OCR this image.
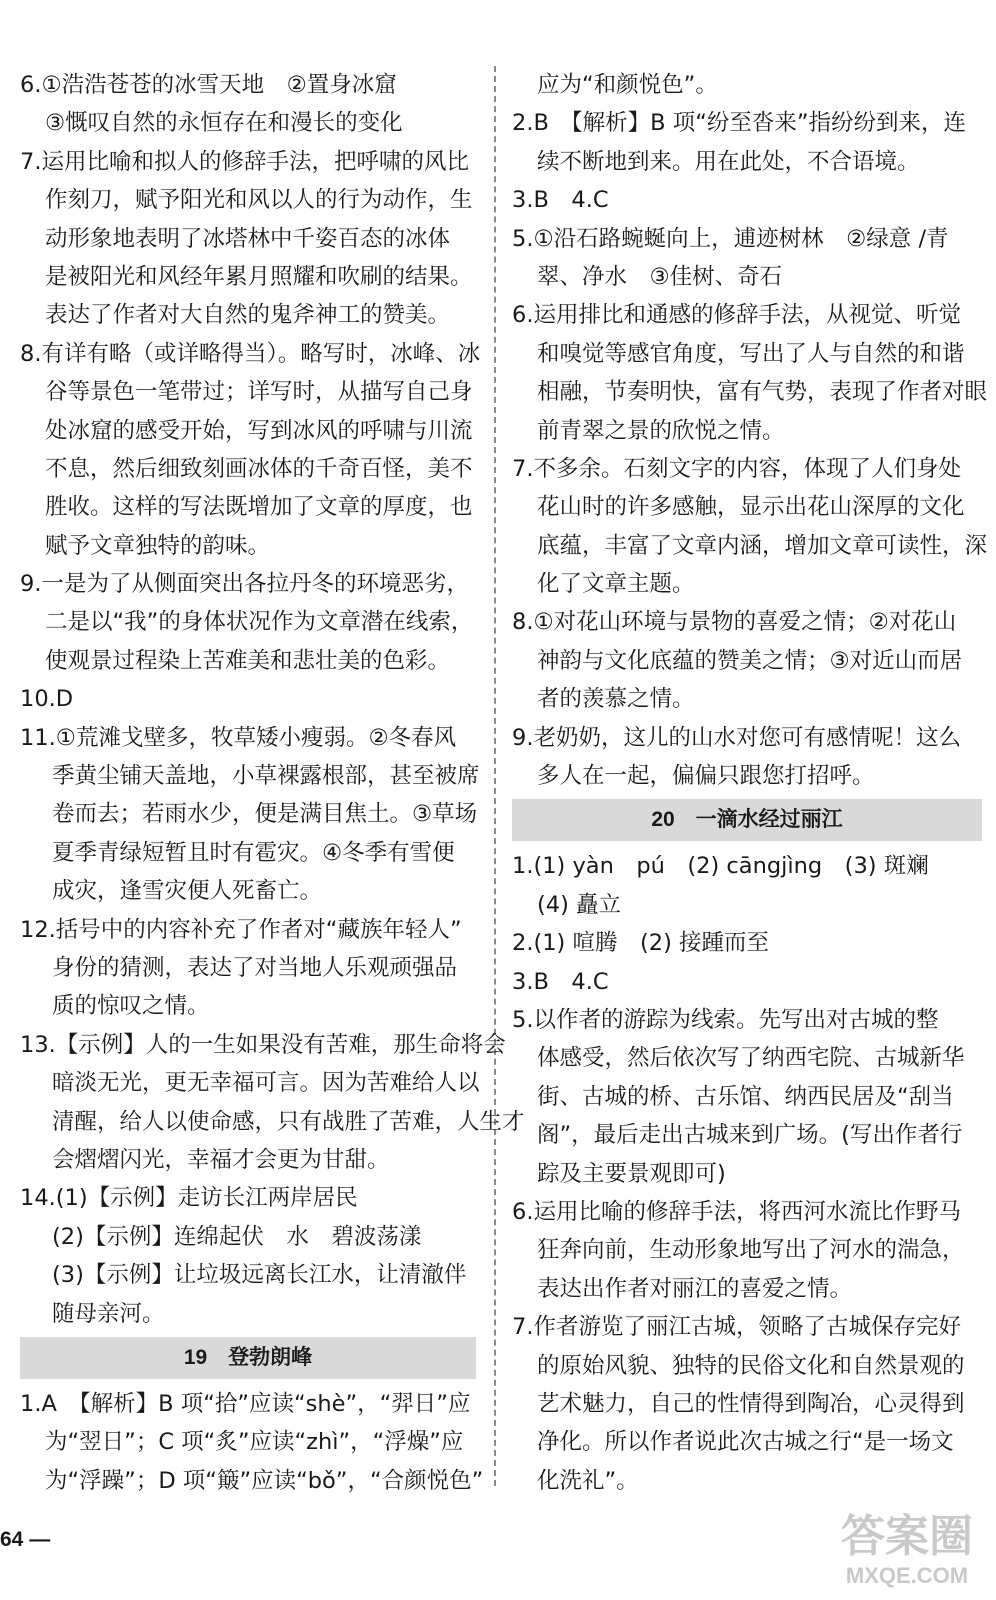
6.①浩浩苍苍的冰雪天地　②置身冰窟
③慨叹自然的永恒存在和漫长的变化
7.运用比喻和拟人的修辞手法，把呼啸的风比
作刻刀，赋予阳光和风以人的行为动作，生
动形象地表明了冰塔林中千姿百态的冰体
是被阳光和风经年累月照耀和吹刷的结果。
表达了作者对大自然的鬼斧神工的赞美。
8.有详有略（或详略得当）。略写时，冰峰、冰
谷等景色一笔带过；详写时，从描写自己身
处冰窟的感受开始，写到冰风的呼啸与川流
不息，然后细致刻画冰体的千奇百怪，美不
胜收。这样的写法既增加了文章的厚度，也
赋予文章独特的韵味。
9.一是为了从侧面突出各拉丹冬的环境恶劣，
二是以“我”的身体状况作为文章潜在线索，
使观景过程染上苦难美和悲壮美的色彩。
10.D
11.①荒滩戈壁多，牧草矮小瘦弱。②冬春风
季黄尘铺天盖地，小草裸露根部，甚至被席
卷而去；若雨水少，便是满目焦土。③草场
夏季青绿短暂且时有雹灾。④冬季有雪便
成灾，逢雪灾便人死畜亡。
12.括号中的内容补充了作者对“藏族年轻人”
身份的猜测，表达了对当地人乐观顽强品
质的惊叹之情。
13.【示例】人的一生如果没有苦难，那生命将会
暗淡无光，更无幸福可言。因为苦难给人以
清醒，给人以使命感，只有战胜了苦难，人生才
会熠熠闪光，幸福才会更为甘甜。
14.(1)【示例】走访长江两岸居民
(2)【示例】连绵起伏　水　碧波荡漾
(3)【示例】让垃圾远离长江水，让清澈伴
随母亲河。
19　登勃朗峰
1.A　【解析】B 项“拾”应读“shè”，“羿日”应
为“翌日”；C 项“炙”应读“zhì”，“浮燥”应
为“浮躁”；D 项“簸”应读“bǒ”，“合颜悦色”
应为“和颜悦色”。
2.B　【解析】B 项“纷至沓来”指纷纷到来，连
续不断地到来。用在此处，不合语境。
3.B　4.C
5.①沿石路蜿蜒向上，逋迹树林　②绿意 /青
翠、净水　③佳树、奇石
6.运用排比和通感的修辞手法，从视觉、听觉
和嗅觉等感官角度，写出了人与自然的和谐
相融，节奏明快，富有气势，表现了作者对眼
前青翠之景的欣悦之情。
7.不多余。石刻文字的内容，体现了人们身处
花山时的许多感触，显示出花山深厚的文化
底蕴，丰富了文章内涵，增加文章可读性，深
化了文章主题。
8.①对花山环境与景物的喜爱之情；②对花山
神韵与文化底蕴的赞美之情；③对近山而居
者的羡慕之情。
9.老奶奶，这儿的山水对您可有感情呢！这么
多人在一起，偏偏只跟您打招呼。
20　一滴水经过丽江
1.(1) yàn　pú　(2) cāngjìng　(3) 斑斓
(4) 矗立
2.(1) 喧腾　(2) 接踵而至
3.B　4.C
5.以作者的游踪为线索。先写出对古城的整
体感受，然后依次写了纳西宅院、古城新华
街、古城的桥、古乐馆、纳西民居及“刮当
阁”，最后走出古城来到广场。(写出作者行
踪及主要景观即可)
6.运用比喻的修辞手法，将西河水流比作野马
狂奔向前，生动形象地写出了河水的湍急，
表达出作者对丽江的喜爱之情。
7.作者游览了丽江古城，领略了古城保存完好
的原始风貌、独特的民俗文化和自然景观的
艺术魅力，自己的性情得到陶冶，心灵得到
净化。所以作者说此次古城之行“是一场文
化洗礼”。
64 —	答案圈
MXQE.COM
